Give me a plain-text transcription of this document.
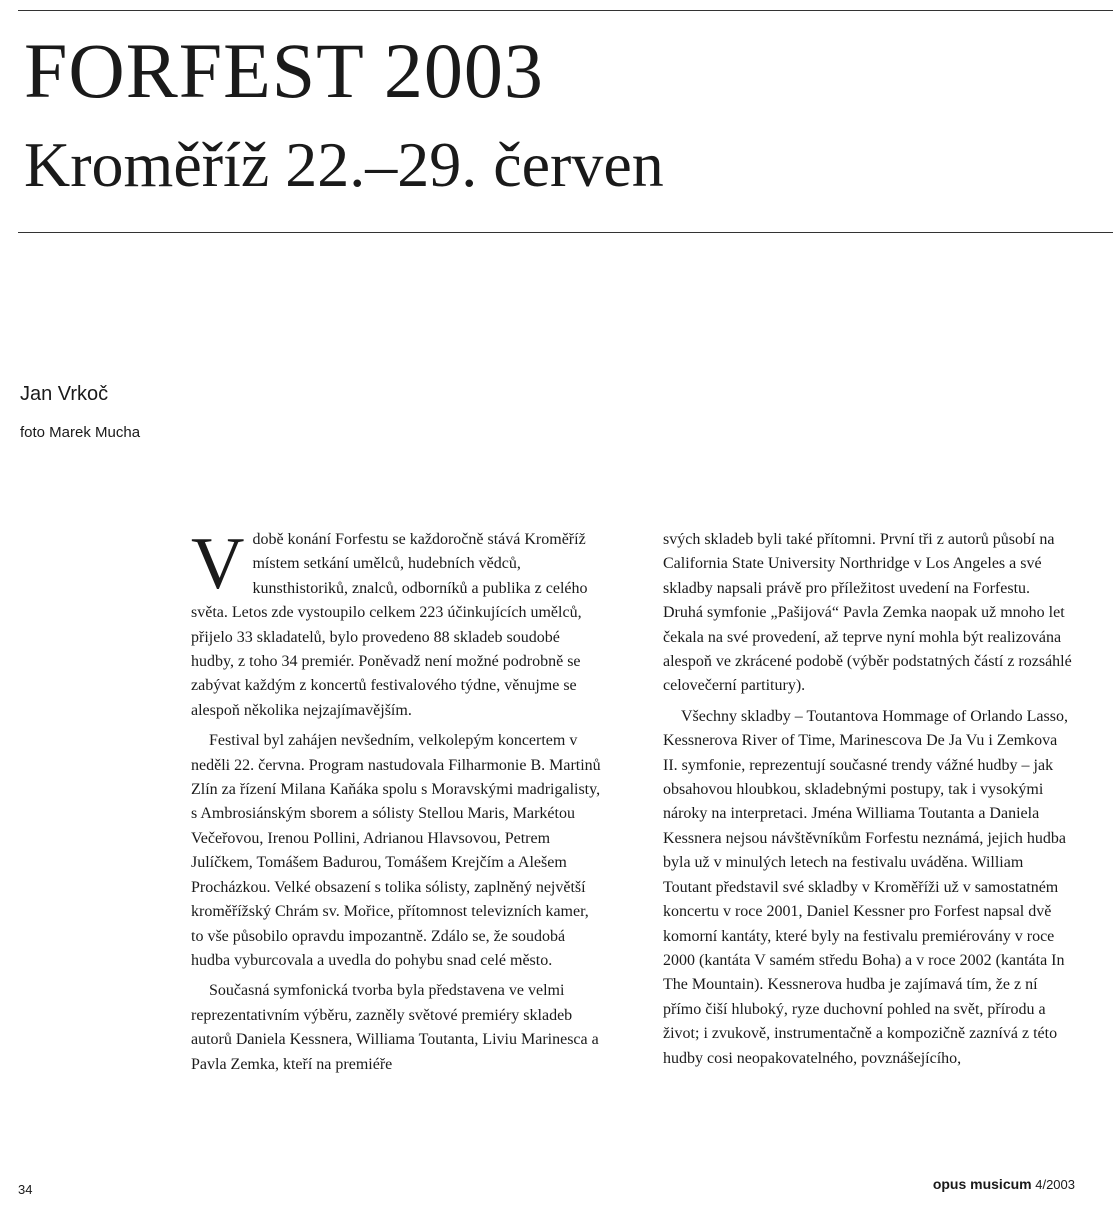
FORFEST 2003
Kroměříž 22.–29. červen
Jan Vrkoč
foto Marek Mucha

Vdobě konání Forfestu se každoročně stává Kroměříž místem setkání umělců, hudebních vědců, kunsthistoriků, znalců, odborníků a publika z celého světa. Letos zde vystoupilo celkem 223 účinkujících umělců, přijelo 33 skladatelů, bylo provedeno 88 skladeb soudobé hudby, z toho 34 premiér. Poněvadž není možné podrobně se zabývat každým z koncertů festivalového týdne, věnujme se alespoň několika nejzajímavějším.

Festival byl zahájen nevšedním, velkolepým koncertem v neděli 22. června. Program nastudovala Filharmonie B. Martinů Zlín za řízení Milana Kaňáka spolu s Moravskými madrigalisty, s Ambrosiánským sborem a sólisty Stellou Maris, Markétou Večeřovou, Irenou Pollini, Adrianou Hlavsovou, Petrem Julíčkem, Tomášem Badurou, Tomášem Krejčím a Alešem Procházkou. Velké obsazení s tolika sólisty, zaplněný největší kroměřížský Chrám sv. Mořice, přítomnost televizních kamer, to vše působilo opravdu impozantně. Zdálo se, že soudobá hudba vyburcovala a uvedla do pohybu snad celé město.

Současná symfonická tvorba byla představena ve velmi reprezentativním výběru, zazněly světové premiéry skladeb autorů Daniela Kessnera, Williama Toutanta, Liviu Marinesca a Pavla Zemka, kteří na premiéře

svých skladeb byli také přítomni. První tři z autorů působí na California State University Northridge v Los Angeles a své skladby napsali právě pro příležitost uvedení na Forfestu. Druhá symfonie „Pašijová“ Pavla Zemka naopak už mnoho let čekala na své provedení, až teprve nyní mohla být realizována alespoň ve zkrácené podobě (výběr podstatných částí z rozsáhlé celovečerní partitury).

Všechny skladby – Toutantova Hommage of Orlando Lasso, Kessnerova River of Time, Marinescova De Ja Vu i Zemkova II. symfonie, reprezentují současné trendy vážné hudby – jak obsahovou hloubkou, skladebnými postupy, tak i vysokými nároky na interpretaci. Jména Williama Toutanta a Daniela Kessnera nejsou návštěvníkům Forfestu neznámá, jejich hudba byla už v minulých letech na festivalu uváděna. William Toutant představil své skladby v Kroměříži už v samostatném koncertu v roce 2001, Daniel Kessner pro Forfest napsal dvě komorní kantáty, které byly na festivalu premiérovány v roce 2000 (kantáta V samém středu Boha) a v roce 2002 (kantáta In The Mountain). Kessnerova hudba je zajímavá tím, že z ní přímo čiší hluboký, ryze duchovní pohled na svět, přírodu a život; i zvukově, instrumentačně a kompozičně zaznívá z této hudby cosi neopakovatelného, povznášejícího,

34	opus musicum 4/2003
